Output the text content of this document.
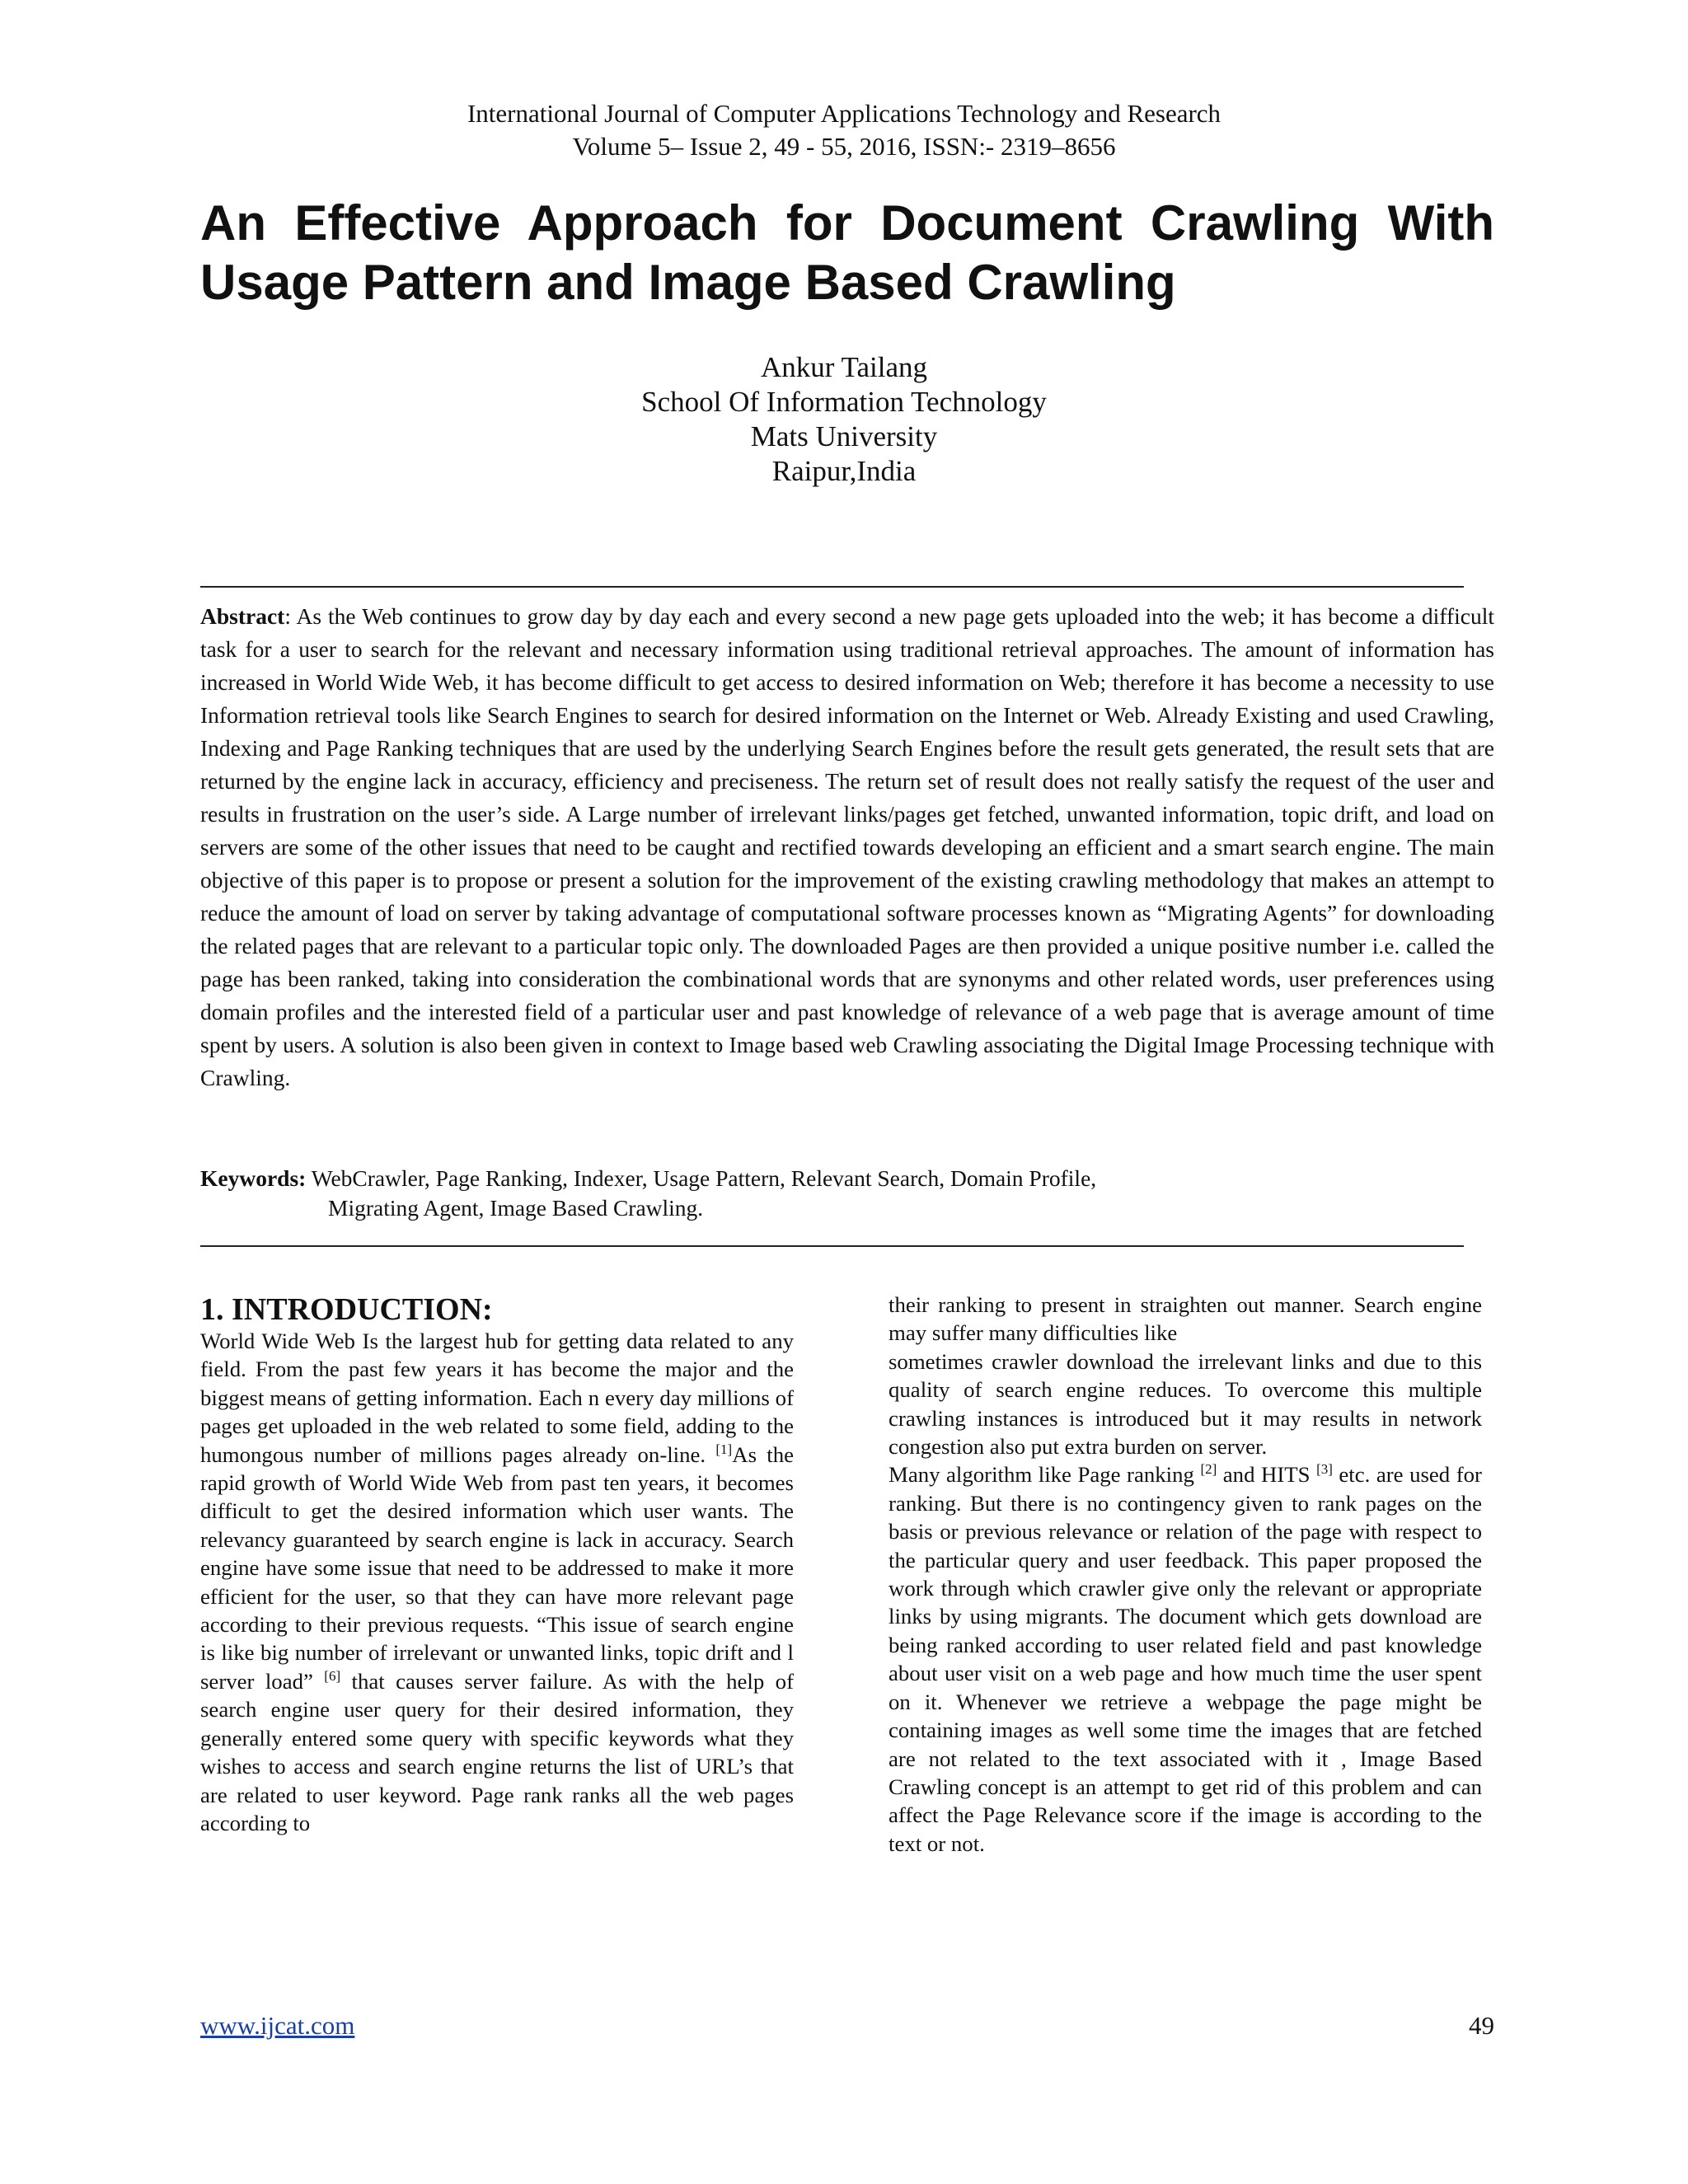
International Journal of Computer Applications Technology and Research
Volume 5– Issue 2, 49 - 55, 2016, ISSN:- 2319–8656
An Effective Approach for Document Crawling With Usage Pattern and Image Based Crawling
Ankur Tailang
School Of Information Technology
Mats University
Raipur,India

Abstract: As the Web continues to grow day by day each and every second a new page gets uploaded into the web; it has become a difficult task for a user to search for the relevant and necessary information using traditional retrieval approaches. The amount of information has increased in World Wide Web, it has become difficult to get access to desired information on Web; therefore it has become a necessity to use Information retrieval tools like Search Engines to search for desired information on the Internet or Web. Already Existing and used Crawling, Indexing and Page Ranking techniques that are used by the underlying Search Engines before the result gets generated, the result sets that are returned by the engine lack in accuracy, efficiency and preciseness. The return set of result does not really satisfy the request of the user and results in frustration on the user’s side. A Large number of irrelevant links/pages get fetched, unwanted information, topic drift, and load on servers are some of the other issues that need to be caught and rectified towards developing an efficient and a smart search engine. The main objective of this paper is to propose or present a solution for the improvement of the existing crawling methodology that makes an attempt to reduce the amount of load on server by taking advantage of computational software processes known as “Migrating Agents” for downloading the related pages that are relevant to a particular topic only. The downloaded Pages are then provided a unique positive number i.e. called the page has been ranked, taking into consideration the combinational words that are synonyms and other related words, user preferences using domain profiles and the interested field of a particular user and past knowledge of relevance of a web page that is average amount of time spent by users. A solution is also been given in context to Image based web Crawling associating the Digital Image Processing technique with Crawling.

Keywords: WebCrawler, Page Ranking, Indexer, Usage Pattern, Relevant Search, Domain Profile,
Migrating Agent, Image Based Crawling.
1. INTRODUCTION:

World Wide Web Is the largest hub for getting data related to any field. From the past few years it has become the major and the biggest means of getting information. Each n every day millions of pages get uploaded in the web related to some field, adding to the humongous number of millions pages already on-line. [1]As the rapid growth of World Wide Web from past ten years, it becomes difficult to get the desired information which user wants. The relevancy guaranteed by search engine is lack in accuracy. Search engine have some issue that need to be addressed to make it more efficient for the user, so that they can have more relevant page according to their previous requests. “This issue of search engine is like big number of irrelevant or unwanted links, topic drift and l server load” [6] that causes server failure. As with the help of search engine user query for their desired information, they generally entered some query with specific keywords what they wishes to access and search engine returns the list of URL’s that are related to user keyword. Page rank ranks all the web pages according to

their ranking to present in straighten out manner. Search engine may suffer many difficulties like
sometimes crawler download the irrelevant links and due to this quality of search engine reduces. To overcome this multiple crawling instances is introduced but it may results in network congestion also put extra burden on server.
Many algorithm like Page ranking [2] and HITS [3] etc. are used for ranking. But there is no contingency given to rank pages on the basis or previous relevance or relation of the page with respect to the particular query and user feedback. This paper proposed the work through which crawler give only the relevant or appropriate links by using migrants. The document which gets download are being ranked according to user related field and past knowledge about user visit on a web page and how much time the user spent on it. Whenever we retrieve a webpage the page might be containing images as well some time the images that are fetched are not related to the text associated with it , Image Based Crawling concept is an attempt to get rid of this problem and can affect the Page Relevance score if the image is according to the text or not.
www.ijcat.com	49
